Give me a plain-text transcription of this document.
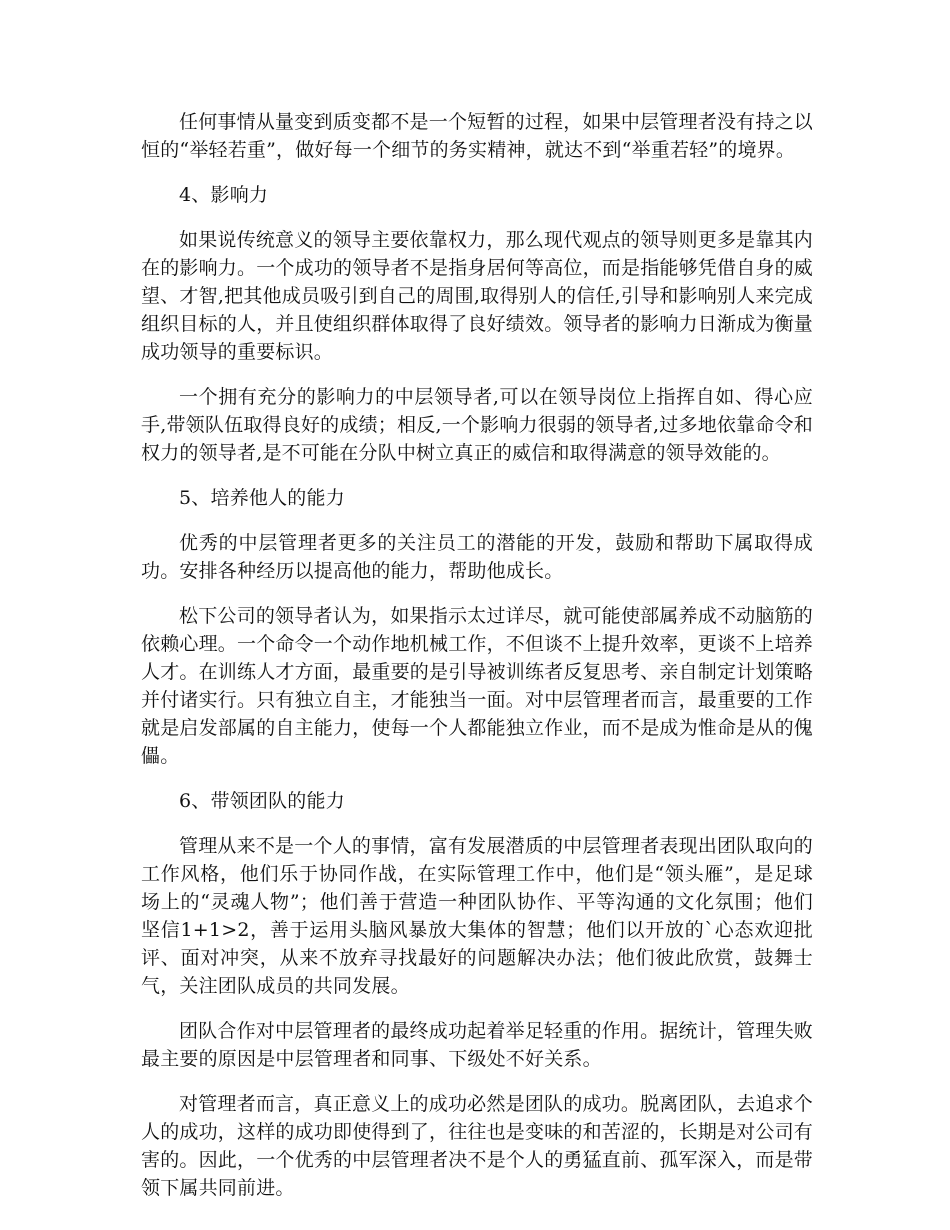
任何事情从量变到质变都不是一个短暂的过程，如果中层管理者没有持之以恒的“举轻若重”，做好每一个细节的务实精神，就达不到“举重若轻”的境界。

4、影响力

如果说传统意义的领导主要依靠权力，那么现代观点的领导则更多是靠其内在的影响力。一个成功的领导者不是指身居何等高位，而是指能够凭借自身的威望、才智,把其他成员吸引到自己的周围,取得别人的信任,引导和影响别人来完成组织目标的人，并且使组织群体取得了良好绩效。领导者的影响力日渐成为衡量成功领导的重要标识。

一个拥有充分的影响力的中层领导者,可以在领导岗位上指挥自如、得心应手,带领队伍取得良好的成绩；相反,一个影响力很弱的领导者,过多地依靠命令和权力的领导者,是不可能在分队中树立真正的威信和取得满意的领导效能的。

5、培养他人的能力

优秀的中层管理者更多的关注员工的潜能的开发，鼓励和帮助下属取得成功。安排各种经历以提高他的能力，帮助他成长。

松下公司的领导者认为，如果指示太过详尽，就可能使部属养成不动脑筋的依赖心理。一个命令一个动作地机械工作，不但谈不上提升效率，更谈不上培养人才。在训练人才方面，最重要的是引导被训练者反复思考、亲自制定计划策略并付诸实行。只有独立自主，才能独当一面。对中层管理者而言，最重要的工作就是启发部属的自主能力，使每一个人都能独立作业，而不是成为惟命是从的傀儡。

6、带领团队的能力

管理从来不是一个人的事情，富有发展潜质的中层管理者表现出团队取向的工作风格，他们乐于协同作战，在实际管理工作中，他们是“领头雁”，是足球场上的“灵魂人物”；他们善于营造一种团队协作、平等沟通的文化氛围；他们坚信1+1>2，善于运用头脑风暴放大集体的智慧；他们以开放的`心态欢迎批评、面对冲突，从来不放弃寻找最好的问题解决办法；他们彼此欣赏，鼓舞士气，关注团队成员的共同发展。

团队合作对中层管理者的最终成功起着举足轻重的作用。据统计，管理失败最主要的原因是中层管理者和同事、下级处不好关系。

对管理者而言，真正意义上的成功必然是团队的成功。脱离团队，去追求个人的成功，这样的成功即使得到了，往往也是变味的和苦涩的，长期是对公司有害的。因此，一个优秀的中层管理者决不是个人的勇猛直前、孤军深入，而是带领下属共同前进。
